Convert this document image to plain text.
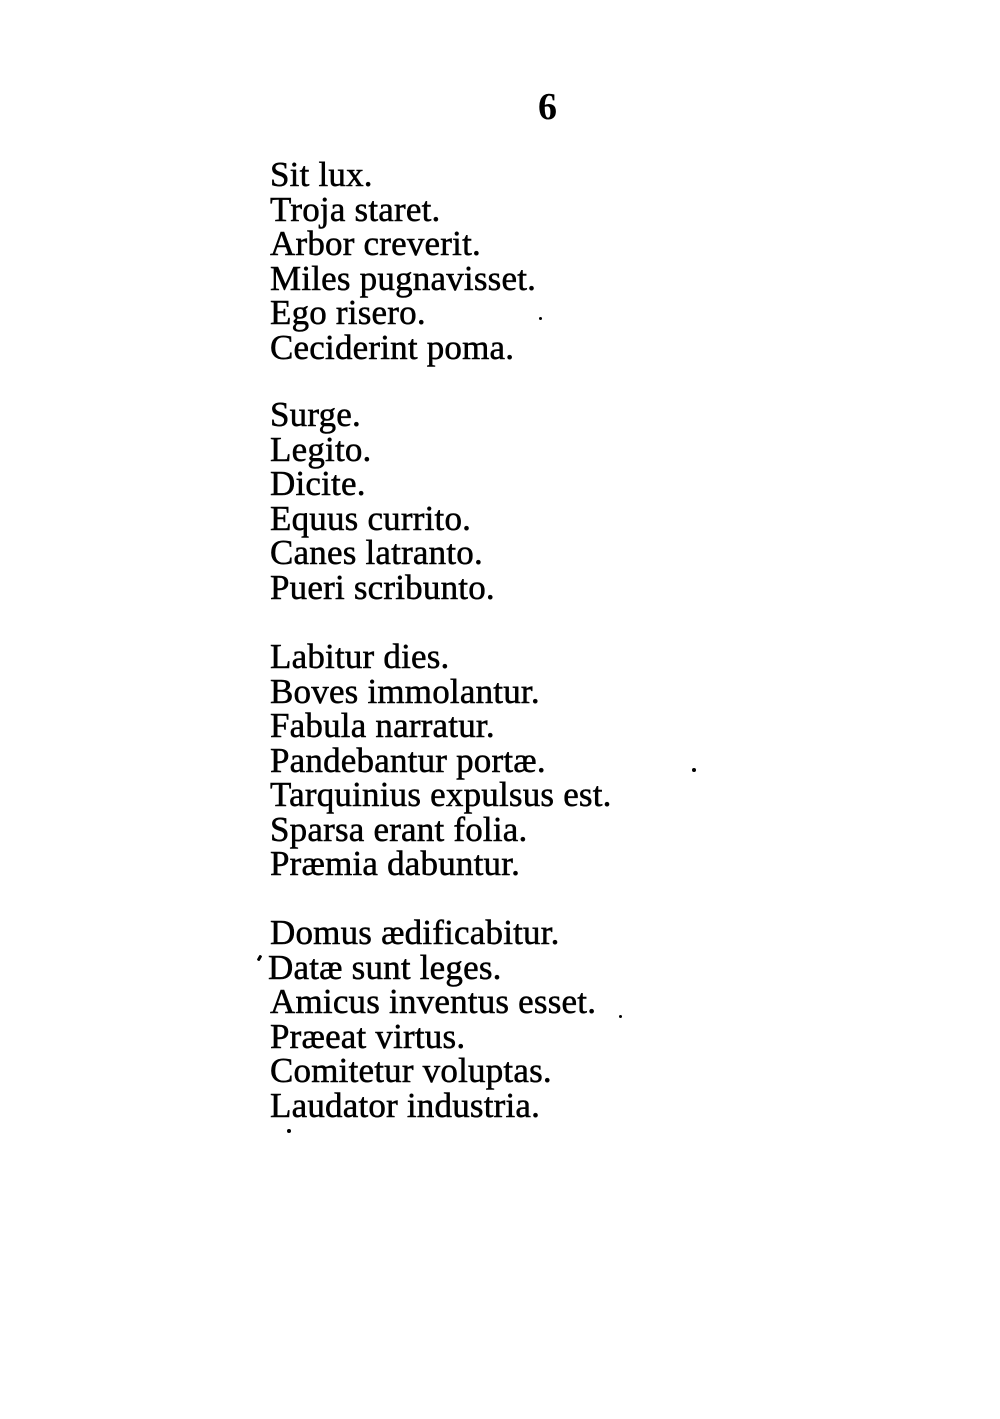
6
Sit lux.
Troja staret.
Arbor creverit.
Miles pugnavisset.
Ego risero.
Ceciderint poma.
Surge.
Legito.
Dicite.
Equus currito.
Canes latranto.
Pueri scribunto.
Labitur dies.
Boves immolantur.
Fabula narratur.
Pandebantur portæ.
Tarquinius expulsus est.
Sparsa erant folia.
Præmia dabuntur.
Domus ædificabitur.
Datæ sunt leges.
Amicus inventus esset.
Præeat virtus.
Comitetur voluptas.
Laudator industria.
